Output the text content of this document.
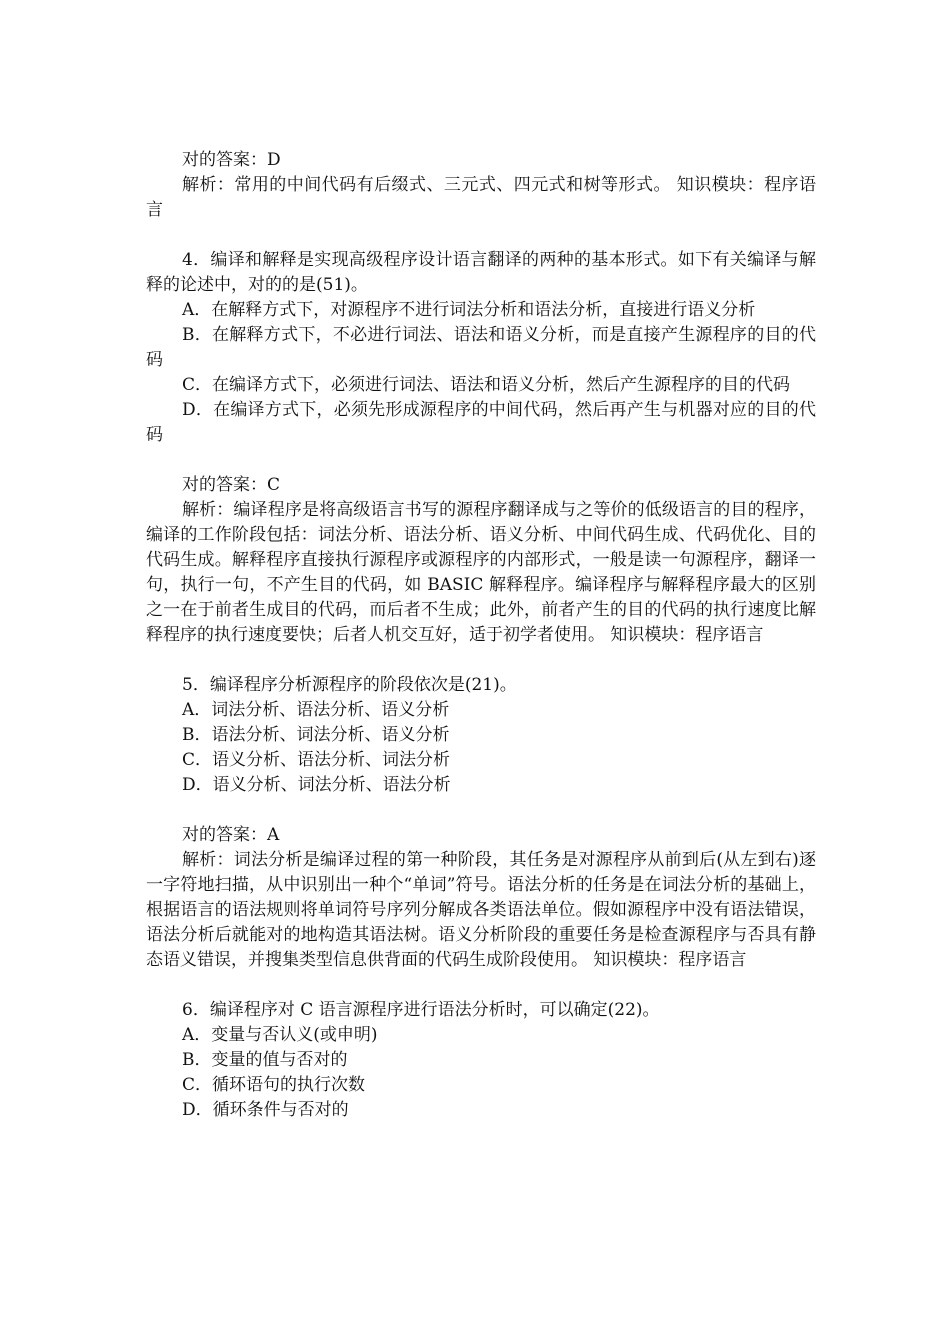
对的答案：D

解析：常用的中间代码有后缀式、三元式、四元式和树等形式。 知识模块：程序语言

4．编译和解释是实现高级程序设计语言翻译的两种的基本形式。如下有关编译与解释的论述中，对的的是(51)。

A．在解释方式下，对源程序不进行词法分析和语法分析，直接进行语义分析

B．在解释方式下，不必进行词法、语法和语义分析，而是直接产生源程序的目的代码

C．在编译方式下，必须进行词法、语法和语义分析，然后产生源程序的目的代码

D．在编译方式下，必须先形成源程序的中间代码，然后再产生与机器对应的目的代码

对的答案：C

解析：编译程序是将高级语言书写的源程序翻译成与之等价的低级语言的目的程序，编译的工作阶段包括：词法分析、语法分析、语义分析、中间代码生成、代码优化、目的代码生成。解释程序直接执行源程序或源程序的内部形式，一般是读一句源程序，翻译一句，执行一句，不产生目的代码，如 BASIC 解释程序。编译程序与解释程序最大的区别之一在于前者生成目的代码，而后者不生成；此外，前者产生的目的代码的执行速度比解释程序的执行速度要快；后者人机交互好，适于初学者使用。 知识模块：程序语言

5．编译程序分析源程序的阶段依次是(21)。

A．词法分析、语法分析、语义分析

B．语法分析、词法分析、语义分析

C．语义分析、语法分析、词法分析

D．语义分析、词法分析、语法分析

对的答案：A

解析：词法分析是编译过程的第一种阶段，其任务是对源程序从前到后(从左到右)逐一字符地扫描，从中识别出一种个“单词”符号。语法分析的任务是在词法分析的基础上，根据语言的语法规则将单词符号序列分解成各类语法单位。假如源程序中没有语法错误，语法分析后就能对的地构造其语法树。语义分析阶段的重要任务是检查源程序与否具有静态语义错误，并搜集类型信息供背面的代码生成阶段使用。 知识模块：程序语言

6．编译程序对 C 语言源程序进行语法分析时，可以确定(22)。

A．变量与否认义(或申明)

B．变量的值与否对的

C．循环语句的执行次数

D．循环条件与否对的
